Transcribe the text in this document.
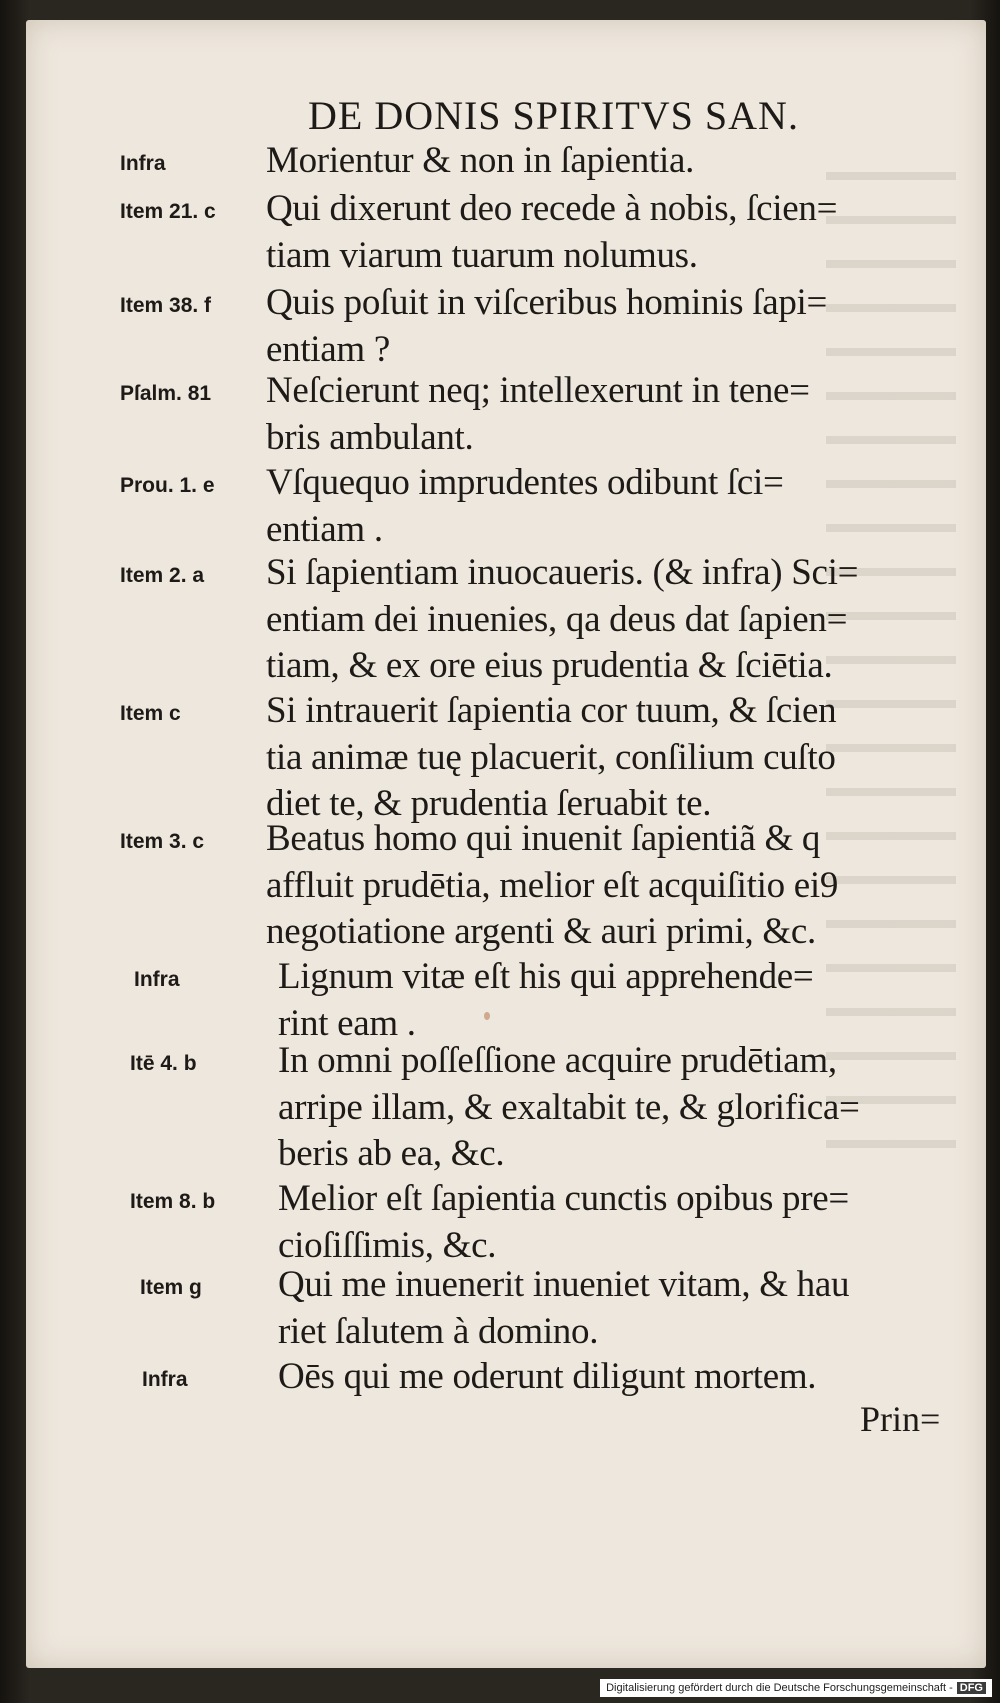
DE DONIS SPIRITVS SAN.
Infra	Morientur & non in ſapientia.
Item 21. c	Qui dixerunt deo recede à nobis, ſcien=
tiam viarum tuarum nolumus.
Item 38. f	Quis poſuit in viſceribus hominis ſapi=
entiam ?
Pſalm. 81	Neſcierunt neq; intellexerunt in tene=
bris ambulant.
Prou. 1. e	Vſquequo imprudentes odibunt ſci=
entiam .
Item 2. a	Si ſapientiam inuocaueris. (& infra) Sci=
entiam dei inuenies, qa deus dat ſapien=
tiam, & ex ore eius prudentia & ſciētia.
Item c	Si intrauerit ſapientia cor tuum, & ſcien
tia animæ tuę placuerit, conſilium cuſto
diet te, & prudentia ſeruabit te.
Item 3. c	Beatus homo qui inuenit ſapientiã & q
affluit prudētia, melior eſt acquiſitio ei9
negotiatione argenti & auri primi, &c.
Infra	Lignum vitæ eſt his qui apprehende=
rint eam .
Itē 4. b	In omni poſſeſſione acquire prudētiam,
arripe illam, & exaltabit te, & glorifica=
beris ab ea, &c.
Item 8. b	Melior eſt ſapientia cunctis opibus pre=
cioſiſſimis, &c.
Item g	Qui me inuenerit inueniet vitam, & hau
riet ſalutem à domino.
Infra	Oēs qui me oderunt diligunt mortem.
Prin=
Digitalisierung gefördert durch die Deutsche Forschungsgemeinschaft - DFG
